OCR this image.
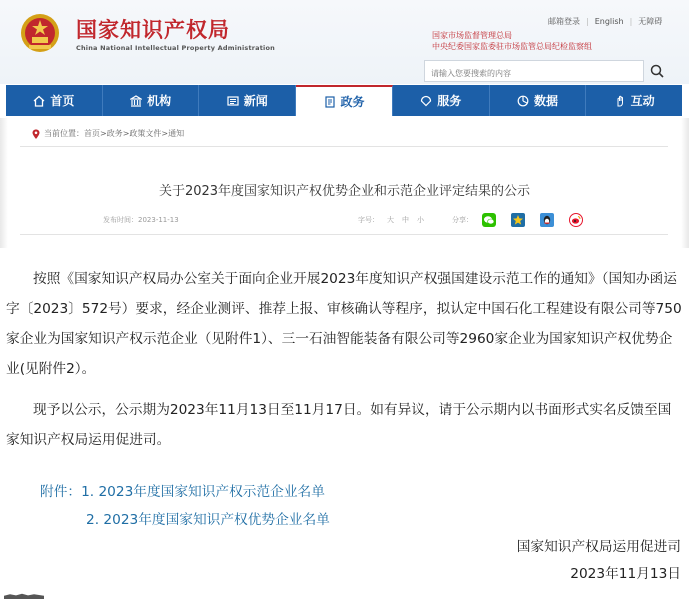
国家知识产权局
China National Intellectual Property Administration
邮箱登录 | English | 无障碍
国家市场监督管理总局
中央纪委国家监委驻市场监管总局纪检监察组
请输入您要搜索的内容
首页	机构	新闻	政务	服务	数据	互动
当前位置：首页>政务>政策文件>通知
关于2023年度国家知识产权优势企业和示范企业评定结果的公示
发布时间：2023-11-13	字号： 大 中 小	分享：
按照《国家知识产权局办公室关于面向企业开展2023年度知识产权强国建设示范工作的通知》（国知办函运字〔2023〕572号）要求，经企业测评、推荐上报、审核确认等程序，拟认定中国石化工程建设有限公司等750家企业为国家知识产权示范企业（见附件1）、三一石油智能装备有限公司等2960家企业为国家知识产权优势企业(见附件2）。
现予以公示，公示期为2023年11月13日至11月17日。如有异议，请于公示期内以书面形式实名反馈至国家知识产权局运用促进司。
附件：1. 2023年度国家知识产权示范企业名单
2. 2023年度国家知识产权优势企业名单
国家知识产权局运用促进司
2023年11月13日
